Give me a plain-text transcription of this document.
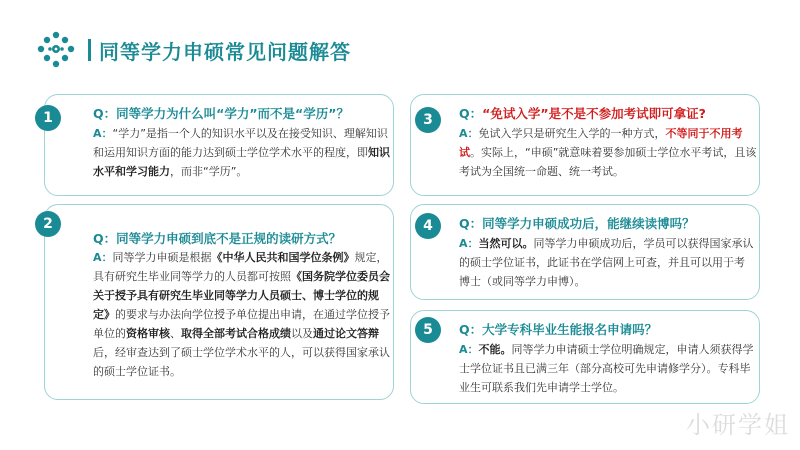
同等学力申硕常见问题解答
1	Q：同等学力为什么叫“学力”而不是“学历”？
A：“学力”是指一个人的知识水平以及在接受知识、理解知识和运用知识方面的能力达到硕士学位学术水平的程度，即知识水平和学习能力，而非“学历”。
2
Q：同等学力申硕到底不是正规的读研方式？
A：同等学力申硕是根据《中华人民共和国学位条例》规定，具有研究生毕业同等学力的人员都可按照《国务院学位委员会关于授予具有研究生毕业同等学力人员硕士、博士学位的规定》的要求与办法向学位授予单位提出申请，在通过学位授予单位的资格审核、取得全部考试合格成绩以及通过论文答辩后，经审查达到了硕士学位学术水平的人，可以获得国家承认的硕士学位证书。
3	Q：“免试入学”是不是不参加考试即可拿证?
A：免试入学只是研究生入学的一种方式，不等同于不用考试。实际上，“申硕”就意味着要参加硕士学位水平考试，且该考试为全国统一命题、统一考试。
4	Q：同等学力申硕成功后，能继续读博吗？
A：当然可以。同等学力申硕成功后，学员可以获得国家承认的硕士学位证书，此证书在学信网上可查，并且可以用于考博士（或同等学力申博）。
5	Q：大学专科毕业生能报名申请吗？
A：不能。同等学力申请硕士学位明确规定，申请人须获得学士学位证书且已满三年（部分高校可先申请修学分）。专科毕业生可联系我们先申请学士学位。
小研学姐
